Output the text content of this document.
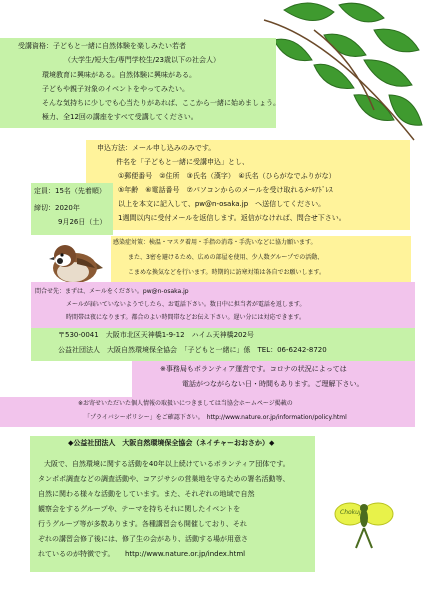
受講資格：子どもと一緒に自然体験を楽しみたい若者
（大学生/短大生/専門学校生/23歳以下の社会人）
環境教育に興味がある。自然体験に興味がある。
子どもや親子対象のイベントをやってみたい。
そんな気持ちに少しでも心当たりがあれば、ここから一緒に始めましょう。
極力、全12回の講座をすべて受講してください。
申込方法：メール申し込みのみです。
件名を「子どもと一緒に受講申込」とし、
①郵便番号　②住所　③氏名（漢字）　④氏名（ひらがなでふりがな）
⑤年齢　⑥電話番号　⑦パソコンからのメールを受け取れるﾒｰﾙｱﾄﾞﾚｽ
以上を本文に記入して、pw@n-osaka.jp　へ送信してください。
1週間以内に受付メールを返信します。返信がなければ、問合せ下さい。
定員：15名（先着順）
締切：2020年
9月26日（土）
感染症対策：検温・マスク着用・手指の消毒・手洗いなどに協力願います。
また、3密を避けるため、広めの部屋を使用、少人数グループでの活動、
こまめな換気などを行います。時期的に訪寒対策は各自でお願いします。
問合せ先：まずは、メールをください。pw@n-osaka.jp
メールが届いていないようでしたら、お電話下さい。数日中に担当者が電話を返します。
時間帯は夜になります。都合のよい時間帯などお伝え下さい。遅い分には対応できます。
〒530-0041　大阪市北区天神橋1-9-12　ハイム天神橋202号
公益社団法人　大阪自然環境保全協会　「子どもと一緒に」係　TEL：06-6242-8720
※事務局もボランティア運営です。コロナの状況によっては
電話がつながらない日・時間もあります。ご理解下さい。
※お寄せいただいた個人情報の取扱いにつきましては当協会ホームページ掲載の
「プライバシーポリシー」をご確認下さい。　http://www.nature.or.jp/information/policy.html
◆公益社団法人　大阪自然環境保全協会（ネイチャーおおさか）◆
大阪で、自然環境に関する活動を40年以上続けているボランティア団体です。
タンポポ調査などの調査活動や、コアジサシの営巣地を守るための署名活動等、
自然に関わる様々な活動をしています。また、それぞれの地域で自然
観察会をするグループや、テーマを持ちそれに関したイベントを
行うグループ等が多数あります。各種講習会も開催しており、それ
ぞれの講習会修了後には、修了生の会があり、活動する場が用意さ
れているのが特徴です。　　http://www.nature.or.jp/index.html
Chokuji
